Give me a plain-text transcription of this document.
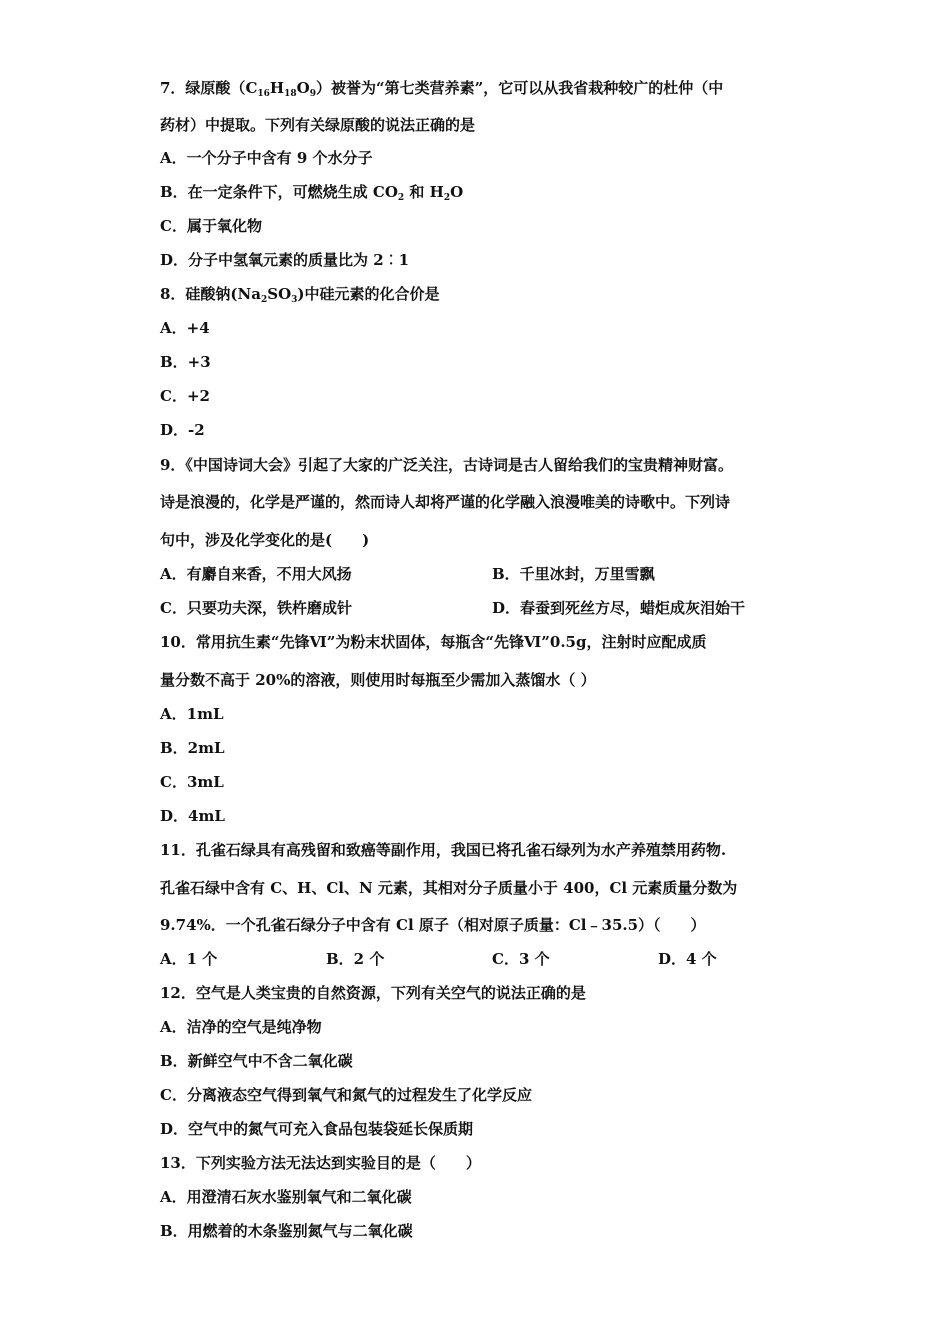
7．绿原酸$(C_{16}H_{18}O_9)$被誉为“第七类营养素”，它可以从我省栽种较广的杜仲（中
药材）中提取。下列有关绿原酸的说法正确的是
A．一个分子中含有 9 个水分子
B．在一定条件下，可燃烧生成 $CO_2$ 和 $H_2O$
C．属于氧化物
D．分子中氢氧元素的质量比为 2︰1
8．硅酸钠$(Na_2SO_3)$中硅元素的化合价是
A．+4
B．+3
C．+2
D．-2
9．《中国诗词大会》引起了大家的广泛关注，古诗词是古人留给我们的宝贵精神财富。
诗是浪漫的，化学是严谨的，然而诗人却将严谨的化学融入浪漫唯美的诗歌中。下列诗
句中，涉及化学变化的是(　　)
A．有麝自来香，不用大风扬	B．千里冰封，万里雪飘
C．只要功夫深，铁杵磨成针	D．春蚕到死丝方尽，蜡炬成灰泪始干
10．常用抗生素“先锋Ⅵ”为粉末状固体，每瓶含“先锋Ⅵ”0.5g，注射时应配成质
量分数不高于 20%的溶液，则使用时每瓶至少需加入蒸馏水（ ）
A．1mL
B．2mL
C．3mL
D．4mL
11．孔雀石绿具有高残留和致癌等副作用，我国已将孔雀石绿列为水产养殖禁用药物.
孔雀石绿中含有 C、H、Cl、N 元素，其相对分子质量小于 400，Cl 元素质量分数为
9.74%．一个孔雀石绿分子中含有 Cl 原子（相对原子质量：Cl﹣35.5）（　　）
A．1 个	B．2 个	C．3 个	D．4 个
12．空气是人类宝贵的自然资源，下列有关空气的说法正确的是
A．洁净的空气是纯净物
B．新鲜空气中不含二氧化碳
C．分离液态空气得到氧气和氮气的过程发生了化学反应
D．空气中的氮气可充入食品包装袋延长保质期
13．下列实验方法无法达到实验目的是（　　）
A．用澄清石灰水鉴别氧气和二氧化碳
B．用燃着的木条鉴别氮气与二氧化碳
